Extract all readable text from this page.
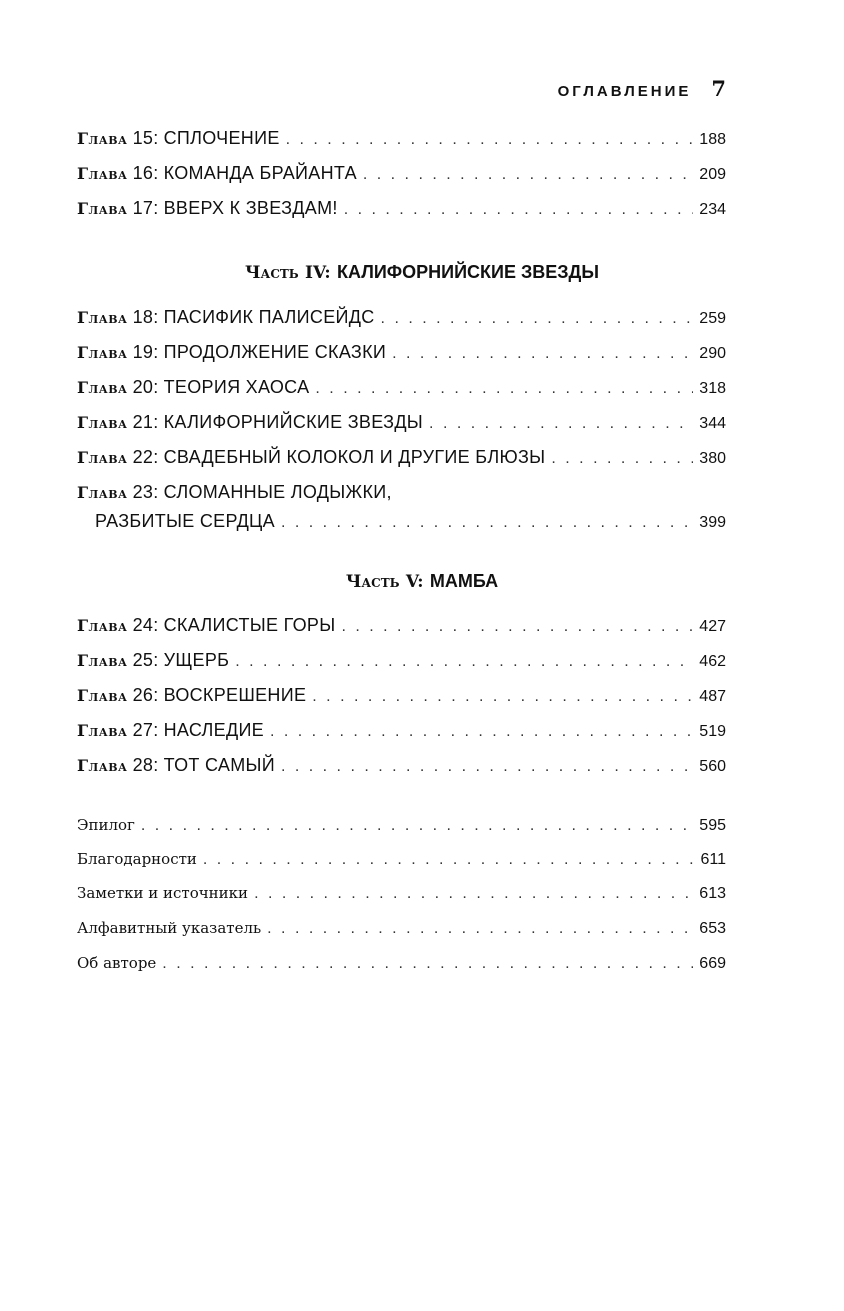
ОГЛАВЛЕНИЕ 7
Глава 15: СПЛОЧЕНИЕ . . .	188
Глава 16: КОМАНДА БРАЙАНТА . . .	209
Глава 17: ВВЕРХ К ЗВЕЗДАМ! . . .	234
Часть IV: КАЛИФОРНИЙСКИЕ ЗВЕЗДЫ
Глава 18: ПАСИФИК ПАЛИСЕЙДС . . .	259
Глава 19: ПРОДОЛЖЕНИЕ СКАЗКИ . . .	290
Глава 20: ТЕОРИЯ ХАОСА . . .	318
Глава 21: КАЛИФОРНИЙСКИЕ ЗВЕЗДЫ . . .	344
Глава 22: СВАДЕБНЫЙ КОЛОКОЛ И ДРУГИЕ БЛЮЗЫ . . .	380
Глава 23: СЛОМАННЫЕ ЛОДЫЖКИ,
РАЗБИТЫЕ СЕРДЦА . . .	399
Часть V: МАМБА
Глава 24: СКАЛИСТЫЕ ГОРЫ . . .	427
Глава 25: УЩЕРБ . . .	462
Глава 26: ВОСКРЕШЕНИЕ . . .	487
Глава 27: НАСЛЕДИЕ . . .	519
Глава 28: ТОТ САМЫЙ . . .	560
Эпилог . . .	595
Благодарности . . .	611
Заметки и источники . . .	613
Алфавитный указатель . . .	653
Об авторе . . .	669
